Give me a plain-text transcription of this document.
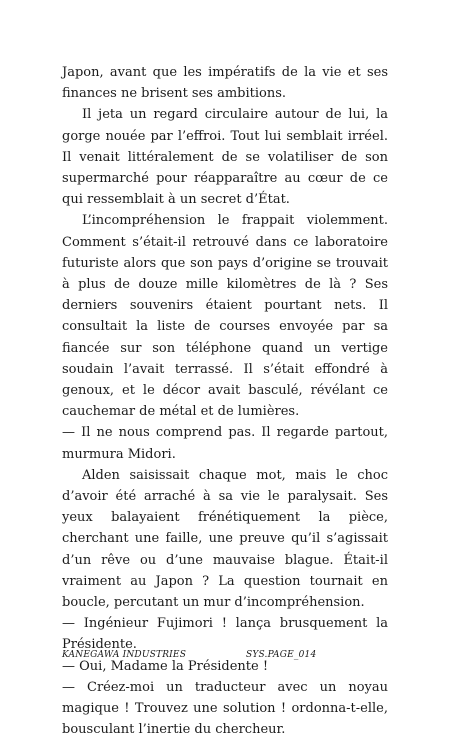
Japon, avant que les impératifs de la vie et ses finances ne brisent ses ambitions.

Il jeta un regard circulaire autour de lui, la gorge nouée par l’effroi. Tout lui semblait irréel. Il venait littéralement de se volatiliser de son supermarché pour réapparaître au cœur de ce qui ressemblait à un secret d’État.

L’incompréhension le frappait violemment. Comment s’était-il retrouvé dans ce laboratoire futuriste alors que son pays d’origine se trouvait à plus de douze mille kilomètres de là ? Ses derniers souvenirs étaient pourtant nets. Il consultait la liste de courses envoyée par sa fiancée sur son téléphone quand un vertige soudain l’avait terrassé. Il s’était effondré à genoux, et le décor avait basculé, révélant ce cauchemar de métal et de lumières.

— Il ne nous comprend pas. Il regarde partout, murmura Midori.

Alden saisissait chaque mot, mais le choc d’avoir été arraché à sa vie le paralysait. Ses yeux balayaient frénétiquement la pièce, cherchant une faille, une preuve qu’il s’agissait d’un rêve ou d’une mauvaise blague. Était-il vraiment au Japon ? La question tournait en boucle, percutant un mur d’incompréhension.

— Ingénieur Fujimori ! lança brusquement la Présidente.

— Oui, Madame la Présidente !

— Créez-moi un traducteur avec un noyau magique ! Trouvez une solution ! ordonna-t-elle, bousculant l’inertie du chercheur.

KANEGAWA INDUSTRIES	SYS.PAGE_014
